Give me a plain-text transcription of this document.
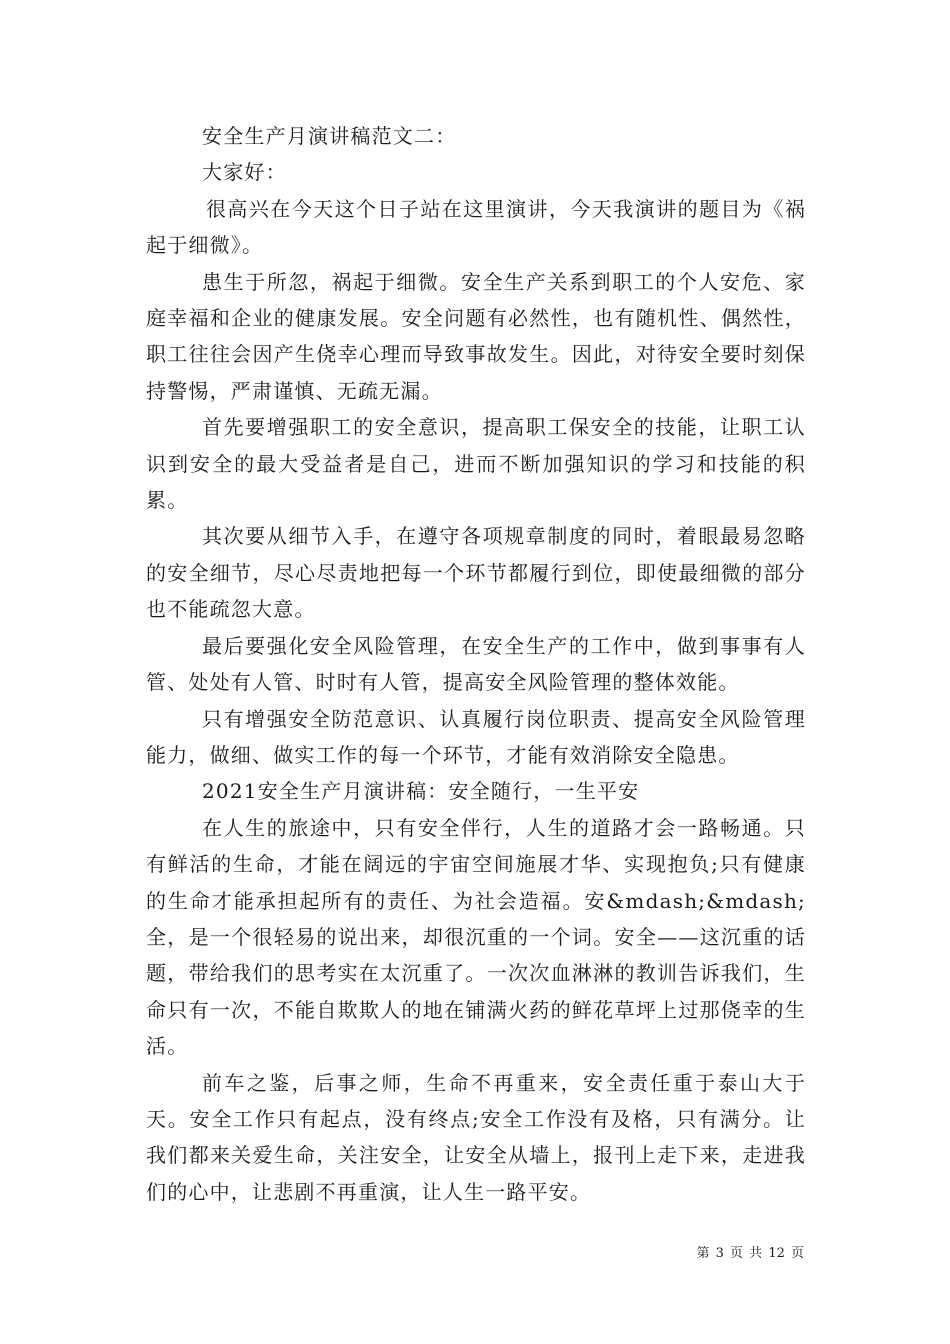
安全生产月演讲稿范文二：

大家好：

很高兴在今天这个日子站在这里演讲，今天我演讲的题目为《祸起于细微》。

患生于所忽，祸起于细微。安全生产关系到职工的个人安危、家庭幸福和企业的健康发展。安全问题有必然性，也有随机性、偶然性，职工往往会因产生侥幸心理而导致事故发生。因此，对待安全要时刻保持警惕，严肃谨慎、无疏无漏。

首先要增强职工的安全意识，提高职工保安全的技能，让职工认识到安全的最大受益者是自己，进而不断加强知识的学习和技能的积累。

其次要从细节入手，在遵守各项规章制度的同时，着眼最易忽略的安全细节，尽心尽责地把每一个环节都履行到位，即使最细微的部分也不能疏忽大意。

最后要强化安全风险管理，在安全生产的工作中，做到事事有人管、处处有人管、时时有人管，提高安全风险管理的整体效能。

只有增强安全防范意识、认真履行岗位职责、提高安全风险管理能力，做细、做实工作的每一个环节，才能有效消除安全隐患。

2021安全生产月演讲稿：安全随行，一生平安

在人生的旅途中，只有安全伴行，人生的道路才会一路畅通。只有鲜活的生命，才能在阔远的宇宙空间施展才华、实现抱负;只有健康的生命才能承担起所有的责任、为社会造福。安&mdash;&mdash;全，是一个很轻易的说出来，却很沉重的一个词。安全——这沉重的话题，带给我们的思考实在太沉重了。一次次血淋淋的教训告诉我们，生命只有一次，不能自欺欺人的地在铺满火药的鲜花草坪上过那侥幸的生活。

前车之鉴，后事之师，生命不再重来，安全责任重于泰山大于天。安全工作只有起点，没有终点;安全工作没有及格，只有满分。让我们都来关爱生命，关注安全，让安全从墙上，报刊上走下来，走进我们的心中，让悲剧不再重演，让人生一路平安。

第 3 页 共 12 页
